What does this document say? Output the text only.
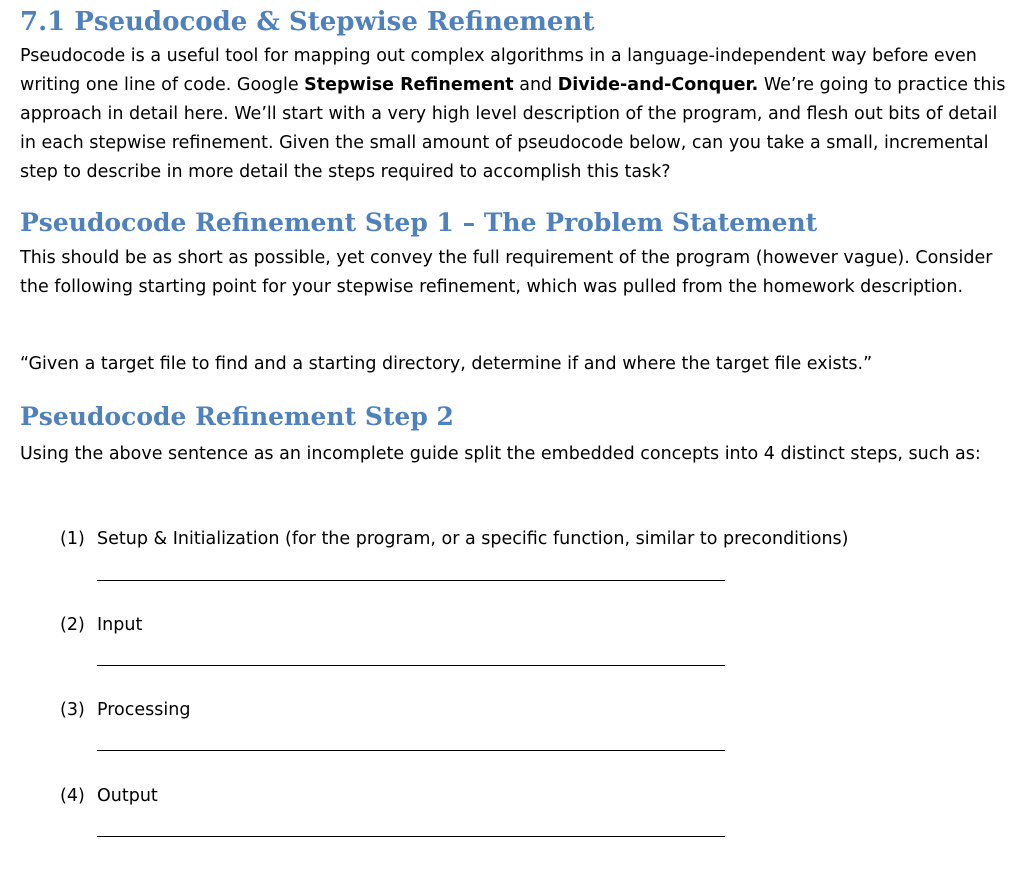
7.1 Pseudocode & Stepwise Refinement

Pseudocode is a useful tool for mapping out complex algorithms in a language-independent way before even writing one line of code. Google Stepwise Refinement and Divide-and-Conquer. We’re going to practice this approach in detail here. We’ll start with a very high level description of the program, and flesh out bits of detail in each stepwise refinement. Given the small amount of pseudocode below, can you take a small, incremental step to describe in more detail the steps required to accomplish this task?

Pseudocode Refinement Step 1 – The Problem Statement

This should be as short as possible, yet convey the full requirement of the program (however vague). Consider the following starting point for your stepwise refinement, which was pulled from the homework description.

“Given a target file to find and a starting directory, determine if and where the target file exists.”

Pseudocode Refinement Step 2

Using the above sentence as an incomplete guide split the embedded concepts into 4 distinct steps, such as:

(1) Setup & Initialization (for the program, or a specific function, similar to preconditions)
(2) Input
(3) Processing
(4) Output
